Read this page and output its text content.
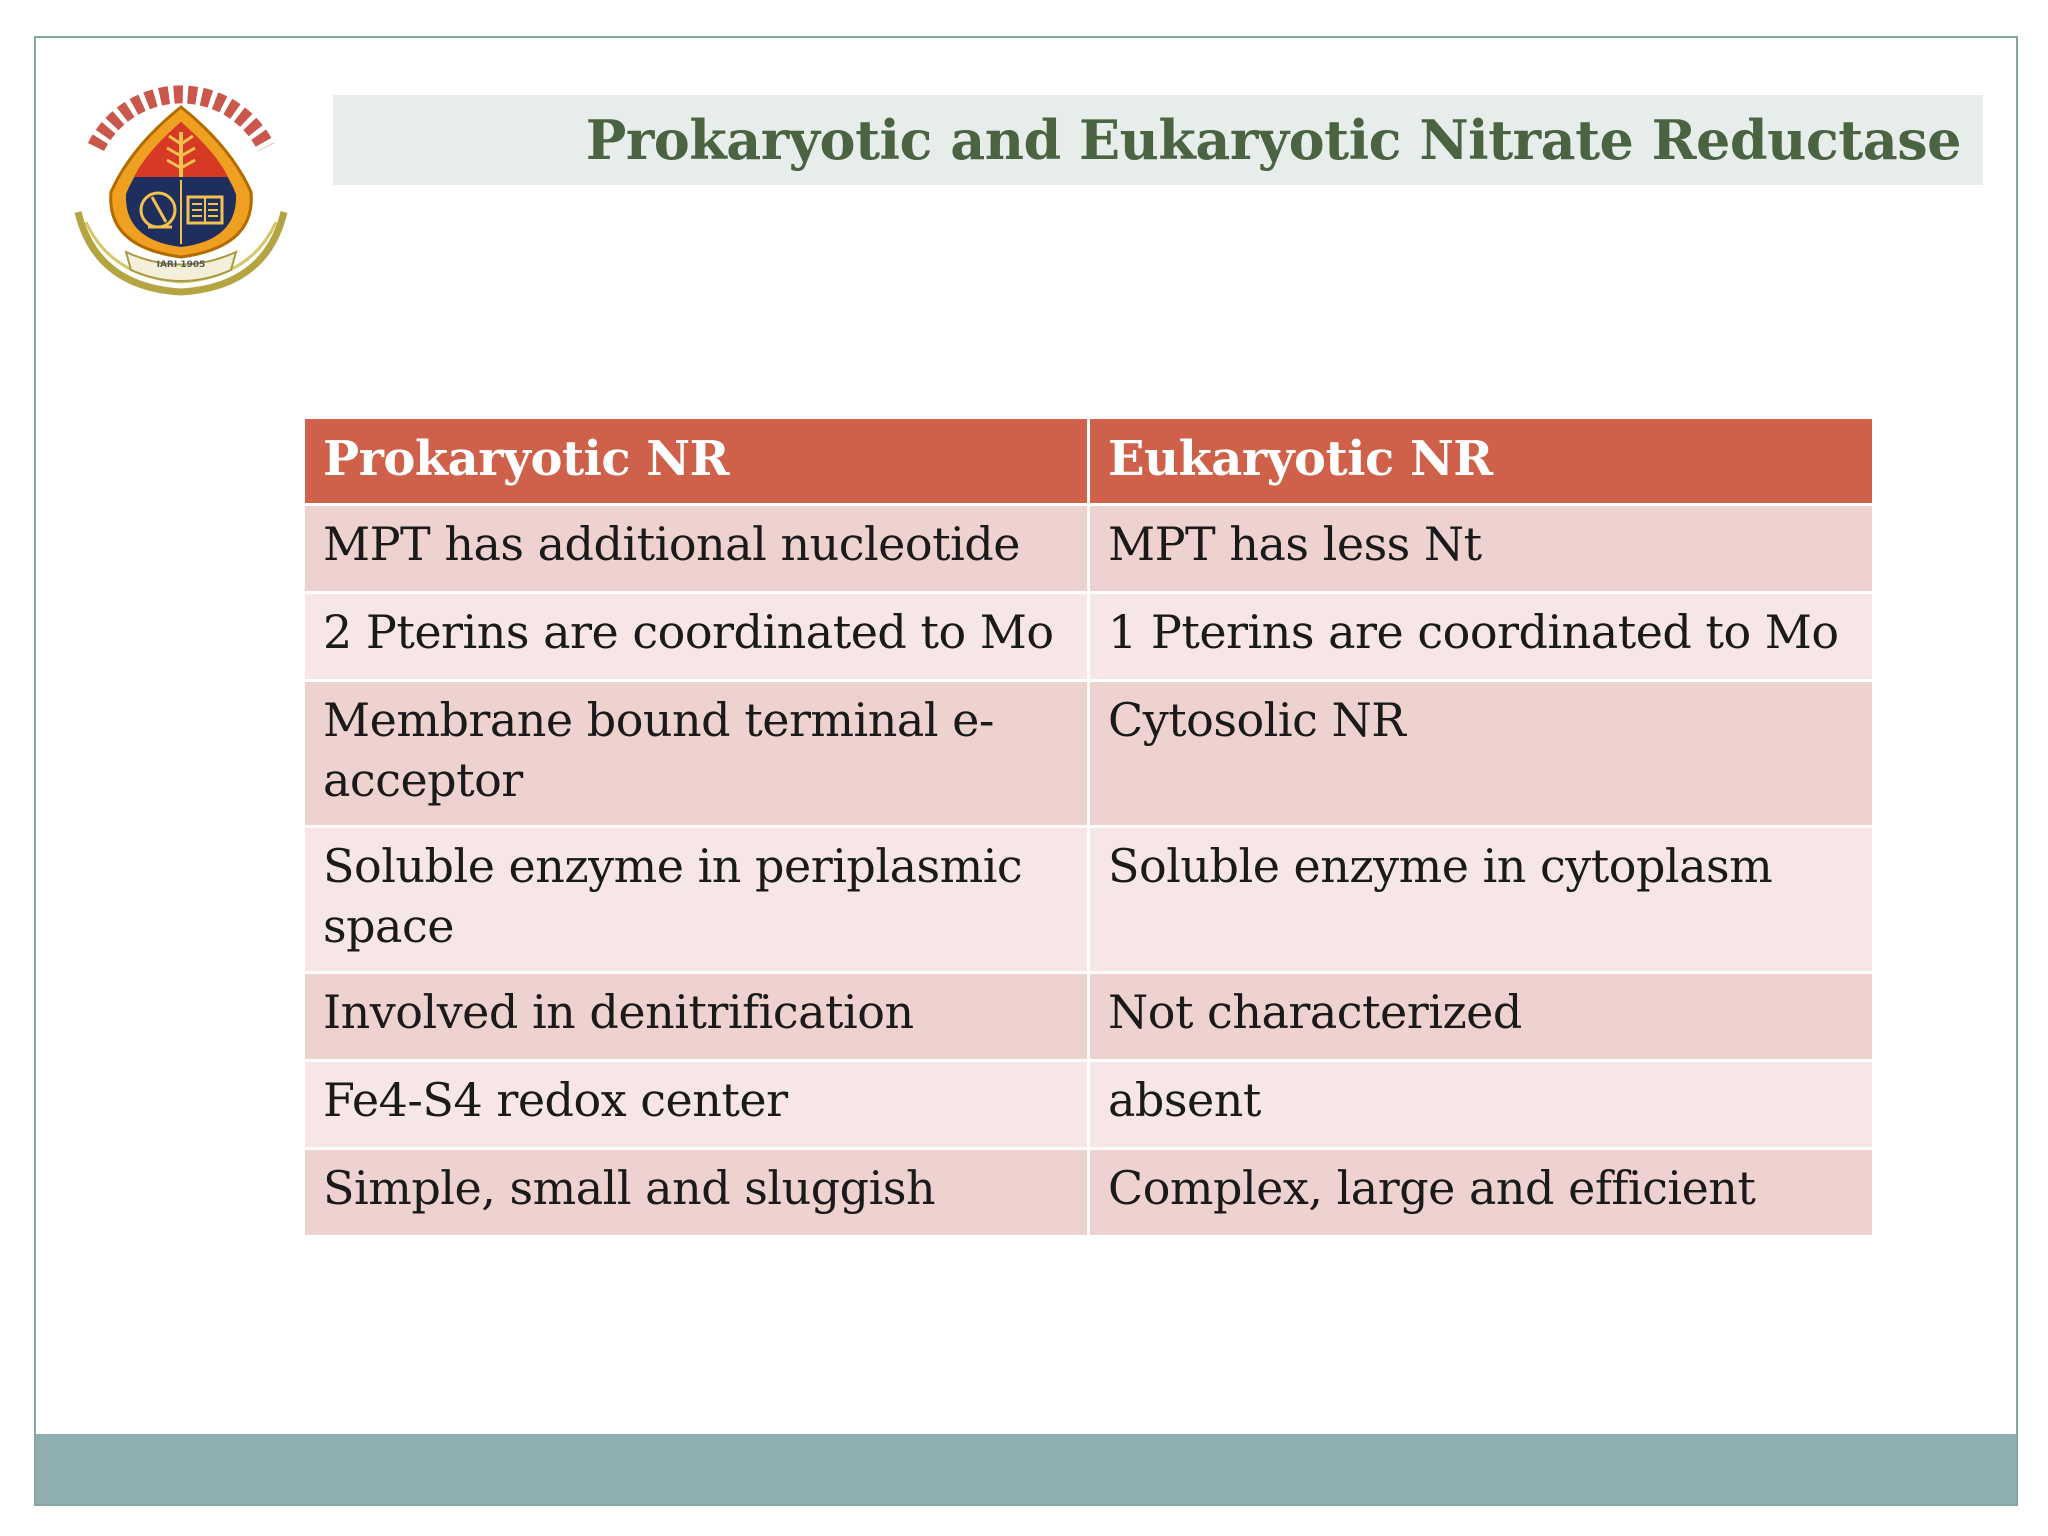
IARI 1905
Prokaryotic and Eukaryotic Nitrate Reductase
Prokaryotic NR	Eukaryotic NR
MPT has additional nucleotide	MPT has less Nt
2 Pterins are coordinated to Mo	1 Pterins are coordinated to Mo
Membrane bound terminal e-acceptor	Cytosolic NR
Soluble enzyme in periplasmic space	Soluble enzyme in cytoplasm
Involved in denitrification	Not characterized
Fe4-S4 redox center	absent
Simple, small and sluggish	Complex, large and efficient
